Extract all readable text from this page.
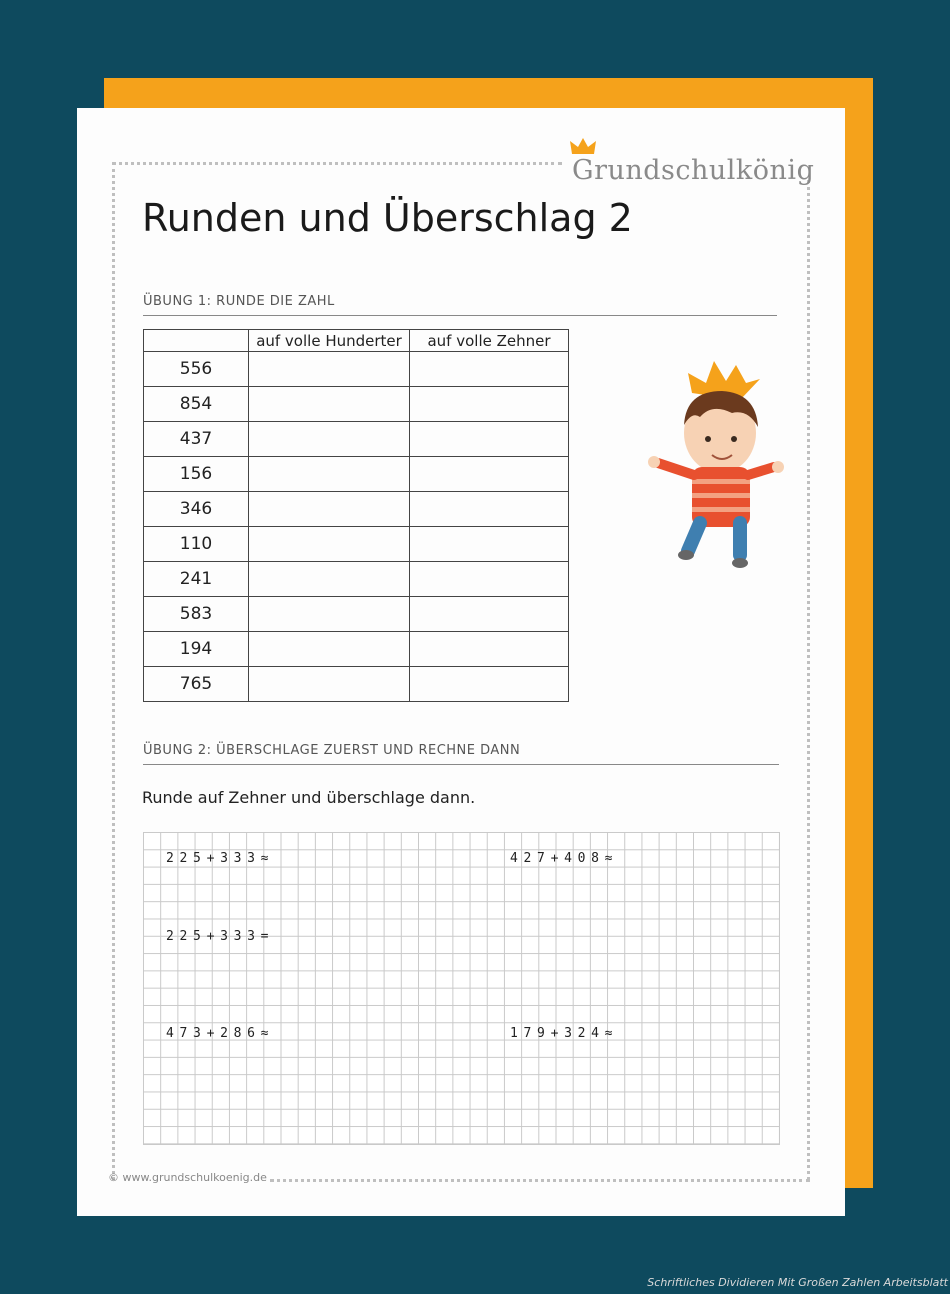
Grundschulkönig
Runden und Überschlag 2
ÜBUNG 1: RUNDE DIE ZAHL
	auf volle Hunderter	auf volle Zehner
556		
854		
437		
156		
346		
110		
241		
583		
194		
765		
ÜBUNG 2: ÜBERSCHLAGE ZUERST UND RECHNE DANN
Runde auf Zehner und überschlage dann.
225+333≈	427+408≈
225+333=
473+286≈	179+324≈
© www.grundschulkoenig.de
Schriftliches Dividieren Mit Großen Zahlen Arbeitsblatt
